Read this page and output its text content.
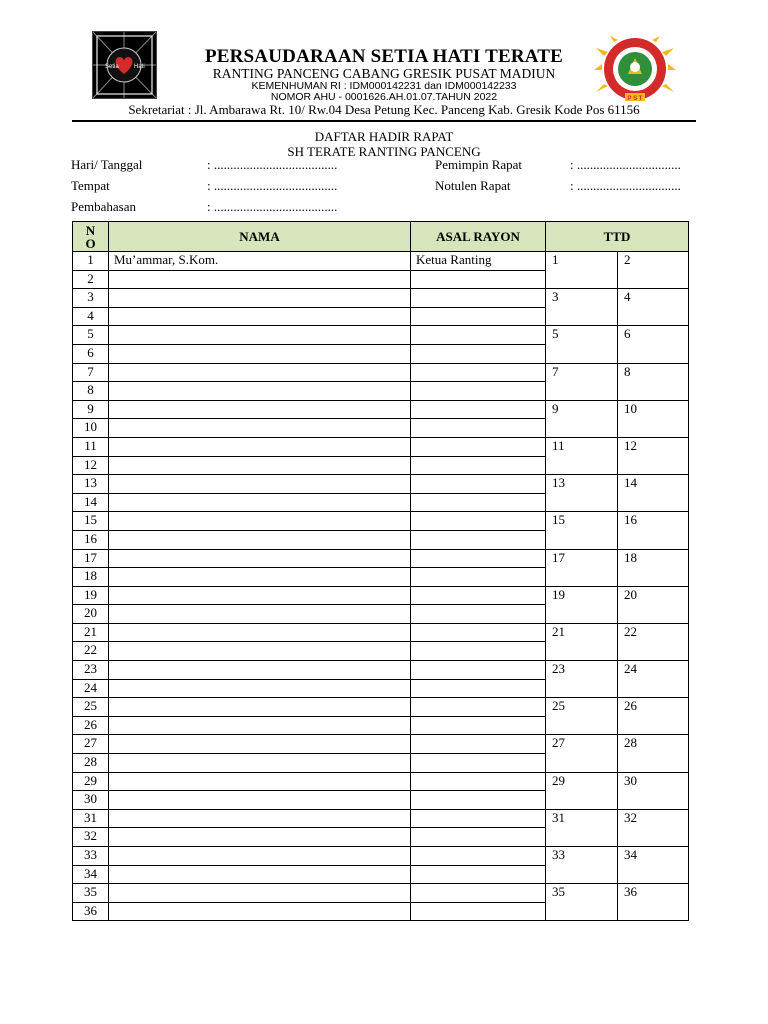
Setia	Hati
P S T
PERSAUDARAAN SETIA HATI TERATE
RANTING PANCENG CABANG GRESIK PUSAT MADIUN
KEMENHUMAN RI : IDM000142231 dan IDM000142233
NOMOR AHU - 0001626.AH.01.07.TAHUN 2022
Sekretariat : Jl. Ambarawa Rt. 10/ Rw.04 Desa Petung Kec. Panceng Kab. Gresik Kode Pos 61156
DAFTAR HADIR RAPAT
SH TERATE RANTING PANCENG
Hari/ Tanggal	: ......................................	Pemimpin Rapat	: ................................
Tempat	: ......................................	Notulen Rapat	: ................................
Pembahasan	: ......................................
N
O	NAMA	ASAL RAYON	TTD	
1	Mu’ammar, S.Kom.	Ketua Ranting	1	2
2				
3			3	4
4				
5			5	6
6				
7			7	8
8				
9			9	10
10				
11			11	12
12				
13			13	14
14				
15			15	16
16				
17			17	18
18				
19			19	20
20				
21			21	22
22				
23			23	24
24				
25			25	26
26				
27			27	28
28				
29			29	30
30				
31			31	32
32				
33			33	34
34				
35			35	36
36				
